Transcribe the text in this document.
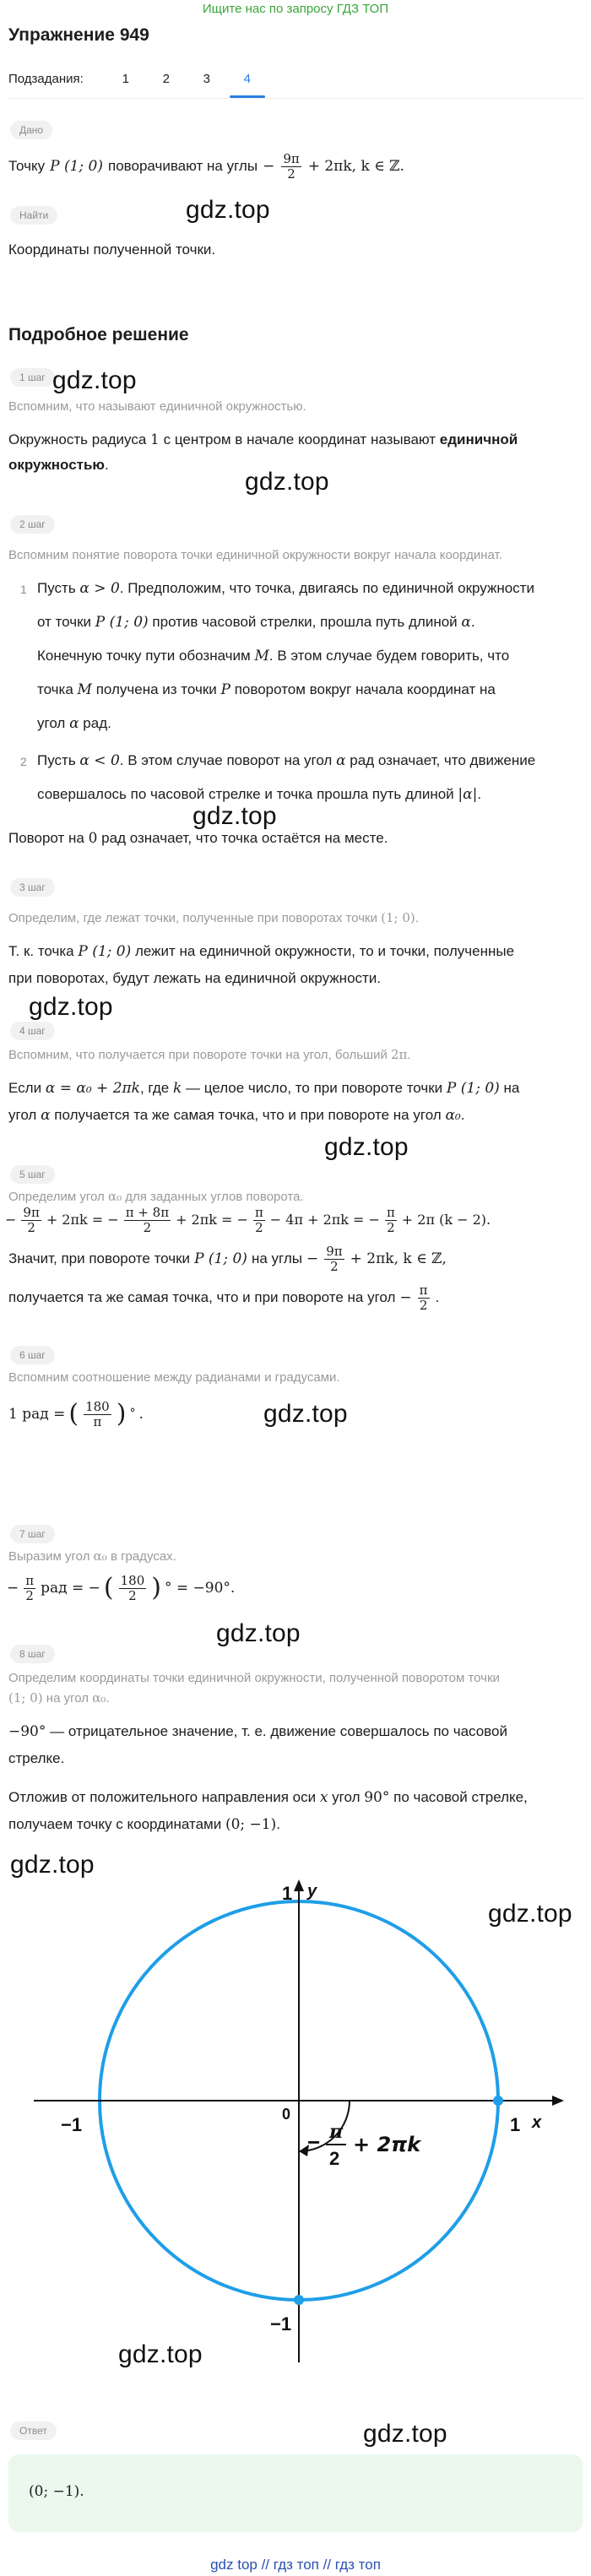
Ищите нас по запросу ГДЗ ТОП
Упражнение 949
Подзадания:	1	2	3	4
Дано
Точку P (1; 0) поворачивают на углы − $\frac{9\pi}{2} + 2\pi k$, k ∈ ℤ.
gdz.top
Найти
Координаты полученной точки.
Подробное решение
1 шаг gdz.top
Вспомним, что называют единичной окружностью.
Окружность радиуса 1 с центром в начале координат называют единичной
окружностью.
gdz.top
2 шаг
Вспомним понятие поворота точки единичной окружности вокруг начала координат.
1 Пусть α > 0. Предположим, что точка, двигаясь по единичной окружности
от точки P (1; 0) против часовой стрелки, прошла путь длиной α.
Конечную точку пути обозначим M. В этом случае будем говорить, что
точка M получена из точки P поворотом вокруг начала координат на
угол α рад.
2 Пусть α < 0. В этом случае поворот на угол α рад означает, что движение
совершалось по часовой стрелке и точка прошла путь длиной |α|.
gdz.top
Поворот на 0 рад означает, что точка остаётся на месте.
3 шаг
Определим, где лежат точки, полученные при поворотах точки (1; 0).
Т. к. точка P (1; 0) лежит на единичной окружности, то и точки, полученные
при поворотах, будут лежать на единичной окружности.
gdz.top
4 шаг
Вспомним, что получается при повороте точки на угол, больший 2π.
Если α = α₀ + 2πk, где k — целое число, то при повороте точки P (1; 0) на
угол α получается та же самая точка, что и при повороте на угол α₀.
gdz.top
5 шаг
Определим угол α₀ для заданных углов поворота.
− $\frac{9\pi}{2} + 2\pi k$ = − $\frac{\pi + 8\pi}{2} + 2\pi k$ = − $\frac{\pi}{2} - 4\pi + 2\pi k$ = − $\frac{\pi}{2} + 2\pi$ (k − 2).
Значит, при повороте точки P (1; 0) на углы − $\frac{9\pi}{2} + 2\pi k$, k ∈ ℤ,
получается та же самая точка, что и при повороте на угол − $\frac{\pi}{2}$ .
6 шаг
Вспомним соотношение между радианами и градусами.
1 рад = ( $\frac{180}{\pi}$ ) ° .	gdz.top
7 шаг
Выразим угол α₀ в градусах.
− $\frac{\pi}{2}$ рад = − ( $\frac{180}{2}$ ) ° = −90°.
gdz.top
8 шаг
Определим координаты точки единичной окружности, полученной поворотом точки
(1; 0) на угол α₀.
−90° — отрицательное значение, т. е. движение совершалось по часовой
стрелке.
Отложив от положительного направления оси x угол 90° по часовой стрелке,
получаем точку с координатами (0; −1).
gdz.top
1 y
−1	0	1 x
−1
− π
2
+ 2πk
gdz.top
gdz.top
gdz.top
Ответ
(0; −1).
gdz top // гдз топ // гдз топ
